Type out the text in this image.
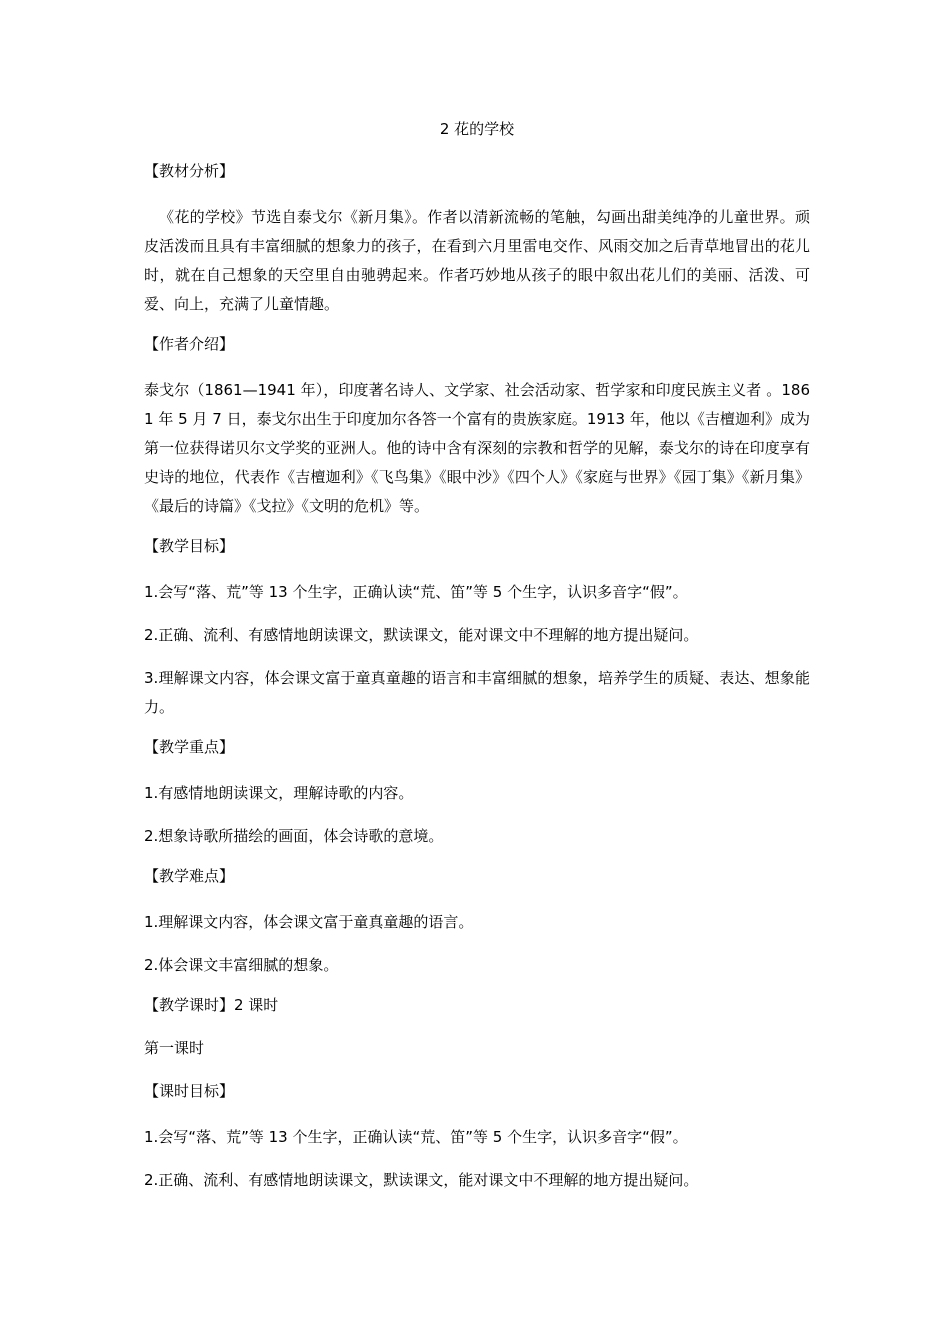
2 花的学校
【教材分析】
《花的学校》节选自泰戈尔《新月集》。作者以清新流畅的笔触，勾画出甜美纯净的儿童世界。顽皮活泼而且具有丰富细腻的想象力的孩子，在看到六月里雷电交作、风雨交加之后青草地冒出的花儿时，就在自己想象的天空里自由驰骋起来。作者巧妙地从孩子的眼中叙出花儿们的美丽、活泼、可爱、向上，充满了儿童情趣。
【作者介绍】
泰戈尔（1861—1941 年），印度著名诗人、文学家、社会活动家、哲学家和印度民族主义者 。1861 年 5 月 7 日，泰戈尔出生于印度加尔各答一个富有的贵族家庭。1913 年，他以《吉檀迦利》成为第一位获得诺贝尔文学奖的亚洲人。他的诗中含有深刻的宗教和哲学的见解，泰戈尔的诗在印度享有史诗的地位，代表作《吉檀迦利》《飞鸟集》《眼中沙》《四个人》《家庭与世界》《园丁集》《新月集》《最后的诗篇》《戈拉》《文明的危机》等。
【教学目标】
1.会写“落、荒”等 13 个生字，正确认读“荒、笛”等 5 个生字，认识多音字“假”。
2.正确、流利、有感情地朗读课文，默读课文，能对课文中不理解的地方提出疑问。
3.理解课文内容，体会课文富于童真童趣的语言和丰富细腻的想象，培养学生的质疑、表达、想象能力。
【教学重点】
1.有感情地朗读课文，理解诗歌的内容。
2.想象诗歌所描绘的画面，体会诗歌的意境。
【教学难点】
1.理解课文内容，体会课文富于童真童趣的语言。
2.体会课文丰富细腻的想象。
【教学课时】2 课时
第一课时
【课时目标】
1.会写“落、荒”等 13 个生字，正确认读“荒、笛”等 5 个生字，认识多音字“假”。
2.正确、流利、有感情地朗读课文，默读课文，能对课文中不理解的地方提出疑问。
